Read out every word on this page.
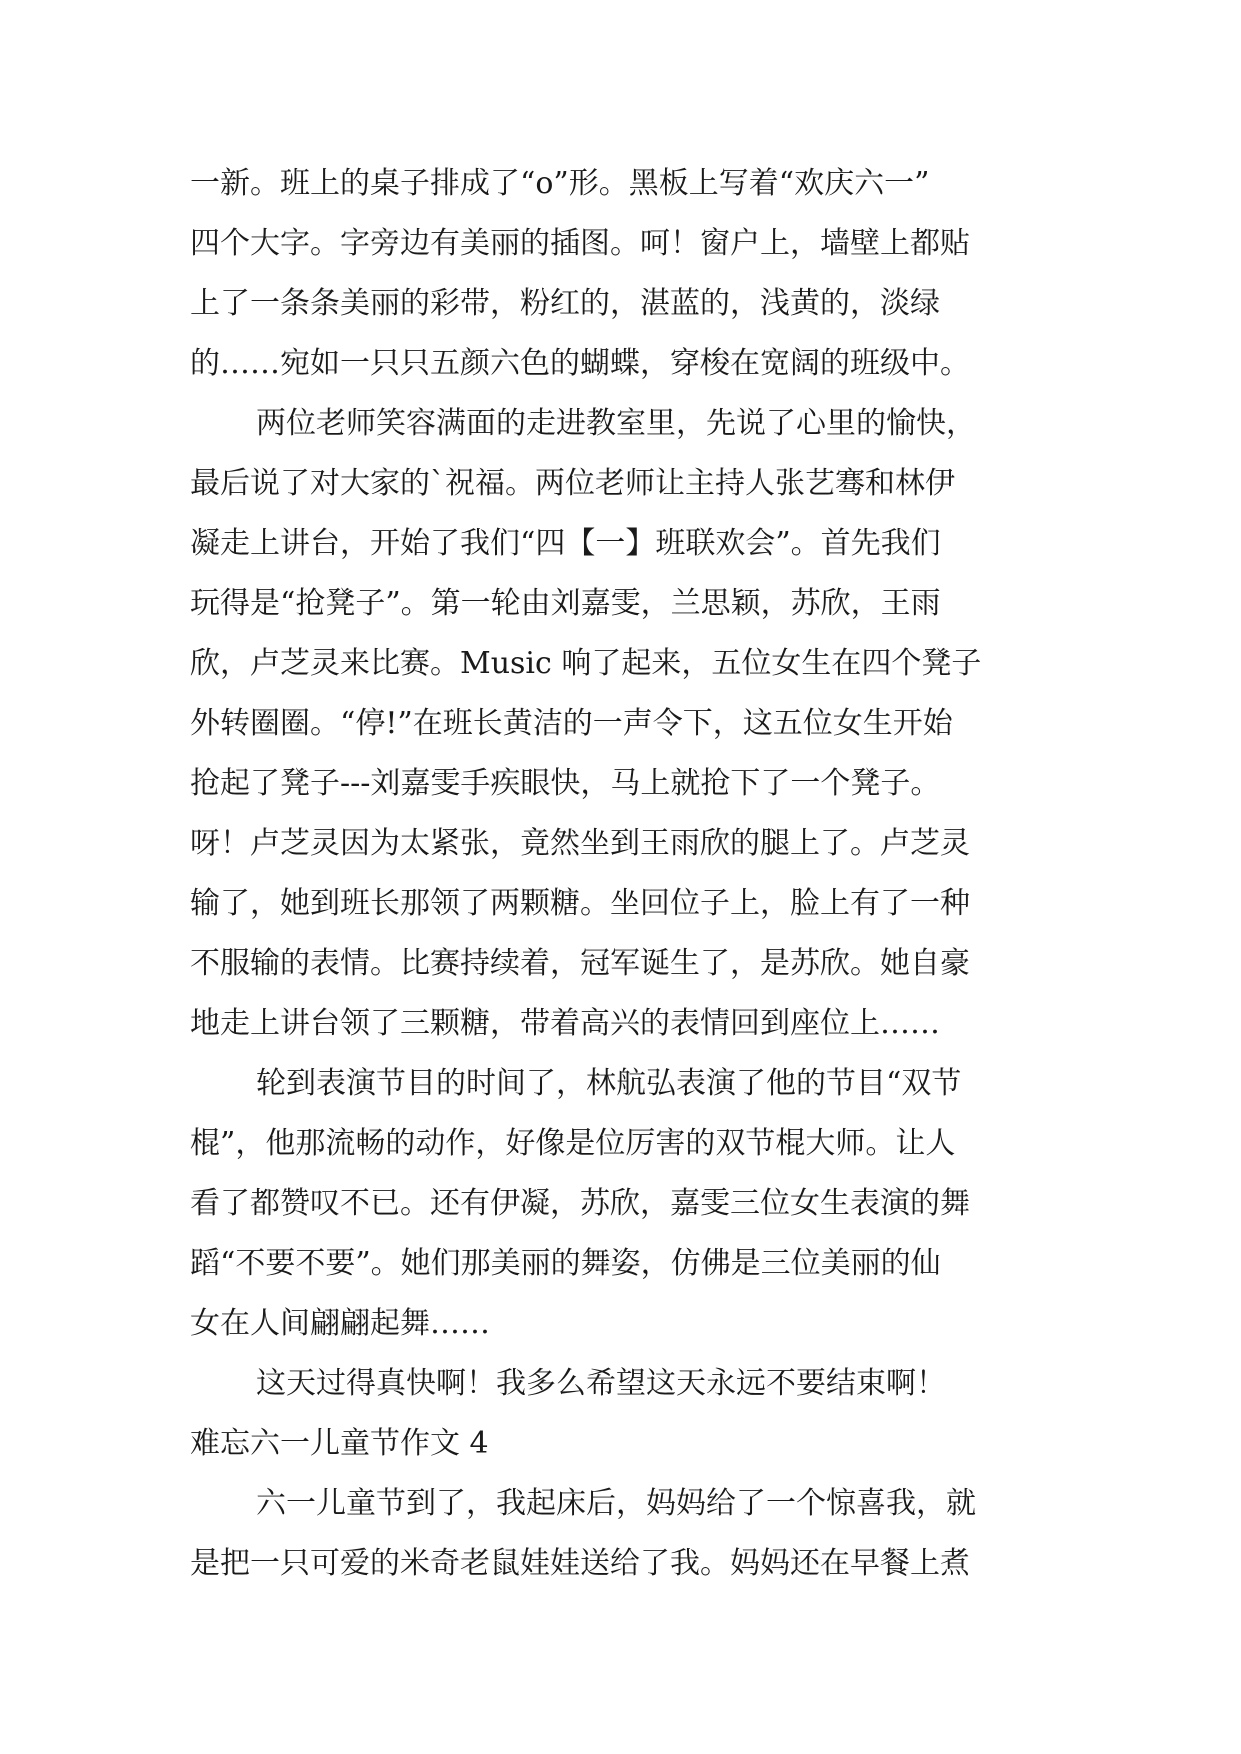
一新。班上的桌子排成了“o”形。黑板上写着“欢庆六一”
四个大字。字旁边有美丽的插图。呵！窗户上，墙壁上都贴
上了一条条美丽的彩带，粉红的，湛蓝的，浅黄的，淡绿
的……宛如一只只五颜六色的蝴蝶，穿梭在宽阔的班级中。
两位老师笑容满面的走进教室里，先说了心里的愉快，
最后说了对大家的`祝福。两位老师让主持人张艺骞和林伊
凝走上讲台，开始了我们“四【一】班联欢会”。首先我们
玩得是“抢凳子”。第一轮由刘嘉雯，兰思颖，苏欣，王雨
欣，卢芝灵来比赛。Music 响了起来，五位女生在四个凳子
外转圈圈。“停!”在班长黄洁的一声令下，这五位女生开始
抢起了凳子---刘嘉雯手疾眼快，马上就抢下了一个凳子。
呀！卢芝灵因为太紧张，竟然坐到王雨欣的腿上了。卢芝灵
输了，她到班长那领了两颗糖。坐回位子上，脸上有了一种
不服输的表情。比赛持续着，冠军诞生了，是苏欣。她自豪
地走上讲台领了三颗糖，带着高兴的表情回到座位上……
轮到表演节目的时间了，林航弘表演了他的节目“双节
棍”，他那流畅的动作，好像是位厉害的双节棍大师。让人
看了都赞叹不已。还有伊凝，苏欣，嘉雯三位女生表演的舞
蹈“不要不要”。她们那美丽的舞姿，仿佛是三位美丽的仙
女在人间翩翩起舞……
这天过得真快啊！我多么希望这天永远不要结束啊！
难忘六一儿童节作文 4
六一儿童节到了，我起床后，妈妈给了一个惊喜我，就
是把一只可爱的米奇老鼠娃娃送给了我。妈妈还在早餐上煮
